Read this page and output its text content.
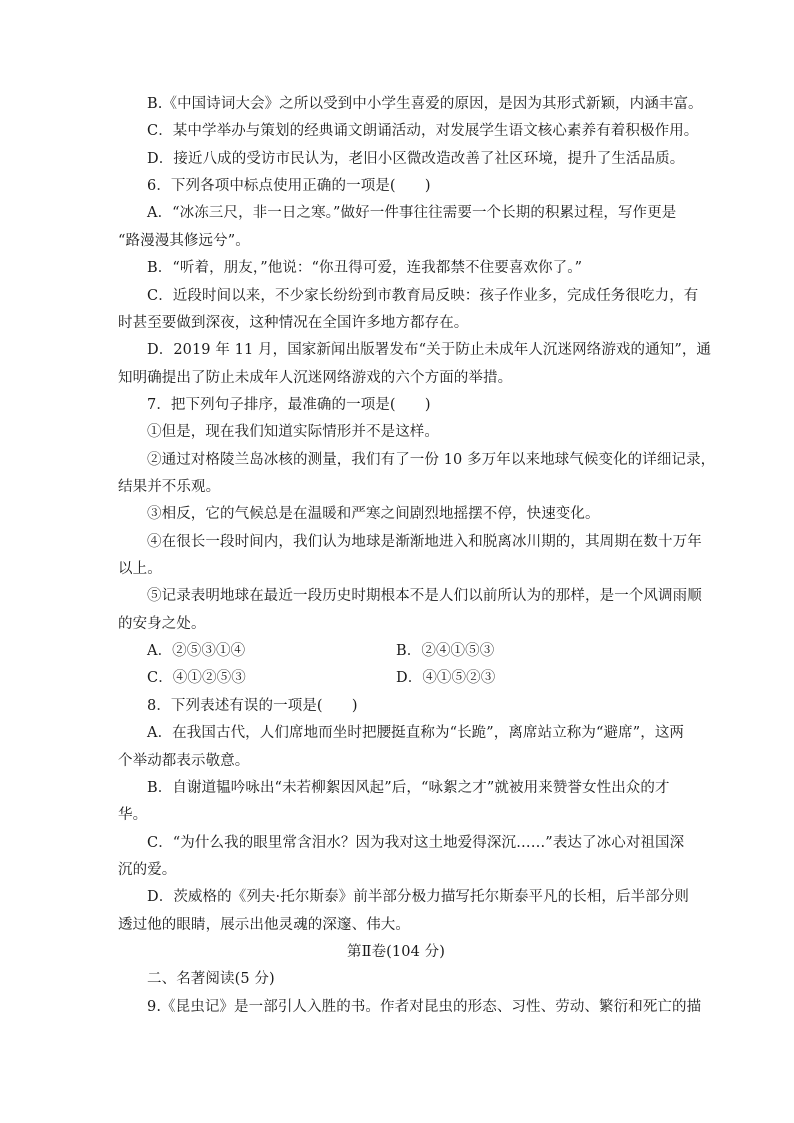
B.《中国诗词大会》之所以受到中小学生喜爱的原因，是因为其形式新颖，内涵丰富。
C．某中学举办与策划的经典诵文朗诵活动，对发展学生语文核心素养有着积极作用。
D．接近八成的受访市民认为，老旧小区微改造改善了社区环境，提升了生活品质。
6．下列各项中标点使用正确的一项是(　　)
A．“冰冻三尺，非一日之寒。”做好一件事往往需要一个长期的积累过程，写作更是
“路漫漫其修远兮”。
B．“听着，朋友，”他说：“你丑得可爱，连我都禁不住要喜欢你了。”
C．近段时间以来，不少家长纷纷到市教育局反映：孩子作业多，完成任务很吃力，有
时甚至要做到深夜，这种情况在全国许多地方都存在。
D．2019 年 11 月，国家新闻出版署发布“关于防止未成年人沉迷网络游戏的通知”，通
知明确提出了防止未成年人沉迷网络游戏的六个方面的举措。
7．把下列句子排序，最准确的一项是(　　)
①但是，现在我们知道实际情形并不是这样。
②通过对格陵兰岛冰核的测量，我们有了一份 10 多万年以来地球气候变化的详细记录，
结果并不乐观。
③相反，它的气候总是在温暖和严寒之间剧烈地摇摆不停，快速变化。
④在很长一段时间内，我们认为地球是渐渐地进入和脱离冰川期的，其周期在数十万年
以上。
⑤记录表明地球在最近一段历史时期根本不是人们以前所认为的那样，是一个风调雨顺
的安身之处。
A．②⑤③①④	B．②④①⑤③
C．④①②⑤③	D．④①⑤②③
8．下列表述有误的一项是(　　)
A．在我国古代，人们席地而坐时把腰挺直称为“长跪”，离席站立称为“避席”，这两
个举动都表示敬意。
B．自谢道韫吟咏出“未若柳絮因风起”后，“咏絮之才”就被用来赞誉女性出众的才
华。
C．“为什么我的眼里常含泪水？因为我对这土地爱得深沉……”表达了冰心对祖国深
沉的爱。
D．茨威格的《列夫·托尔斯泰》前半部分极力描写托尔斯泰平凡的长相，后半部分则
透过他的眼睛，展示出他灵魂的深邃、伟大。
第Ⅱ卷(104 分)
二、名著阅读(5 分)
9.《昆虫记》是一部引人入胜的书。作者对昆虫的形态、习性、劳动、繁衍和死亡的描
